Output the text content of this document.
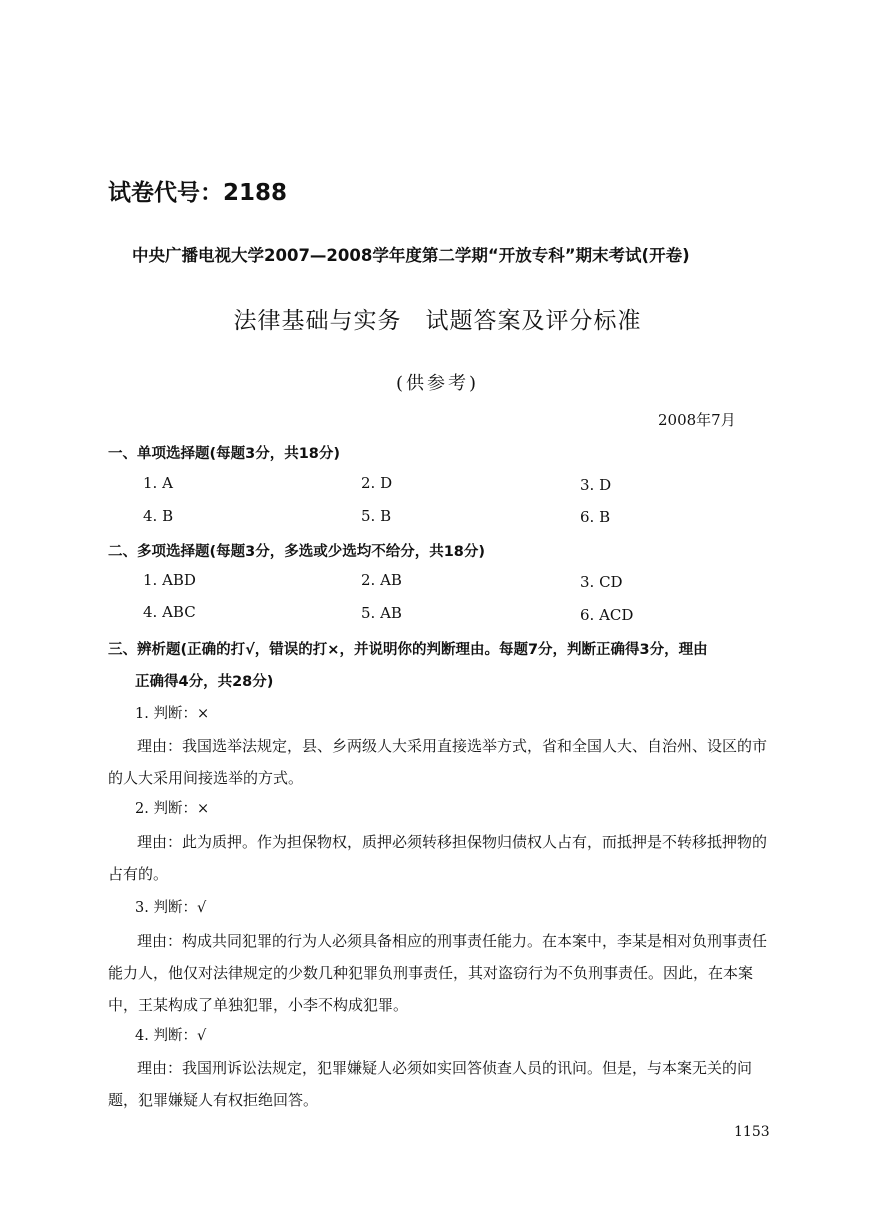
试卷代号：2188
中央广播电视大学2007—2008学年度第二学期“开放专科”期末考试(开卷)
法律基础与实务　试题答案及评分标准
(供参考)
2008年7月
一、单项选择题(每题3分，共18分)
1. A	2. D	3. D
4. B	5. B	6. B
二、多项选择题(每题3分，多选或少选均不给分，共18分)
1. ABD	2. AB	3. CD
4. ABC	5. AB	6. ACD
三、辨析题(正确的打√，错误的打×，并说明你的判断理由。每题7分，判断正确得3分，理由
正确得4分，共28分)
1. 判断：×
理由：我国选举法规定，县、乡两级人大采用直接选举方式，省和全国人大、自治州、设区的市的人大采用间接选举的方式。
2. 判断：×
理由：此为质押。作为担保物权，质押必须转移担保物归债权人占有，而抵押是不转移抵押物的占有的。
3. 判断：√
理由：构成共同犯罪的行为人必须具备相应的刑事责任能力。在本案中，李某是相对负刑事责任能力人，他仅对法律规定的少数几种犯罪负刑事责任，其对盗窃行为不负刑事责任。因此，在本案中，王某构成了单独犯罪，小李不构成犯罪。
4. 判断：√
理由：我国刑诉讼法规定，犯罪嫌疑人必须如实回答侦查人员的讯问。但是，与本案无关的问题，犯罪嫌疑人有权拒绝回答。
1153
